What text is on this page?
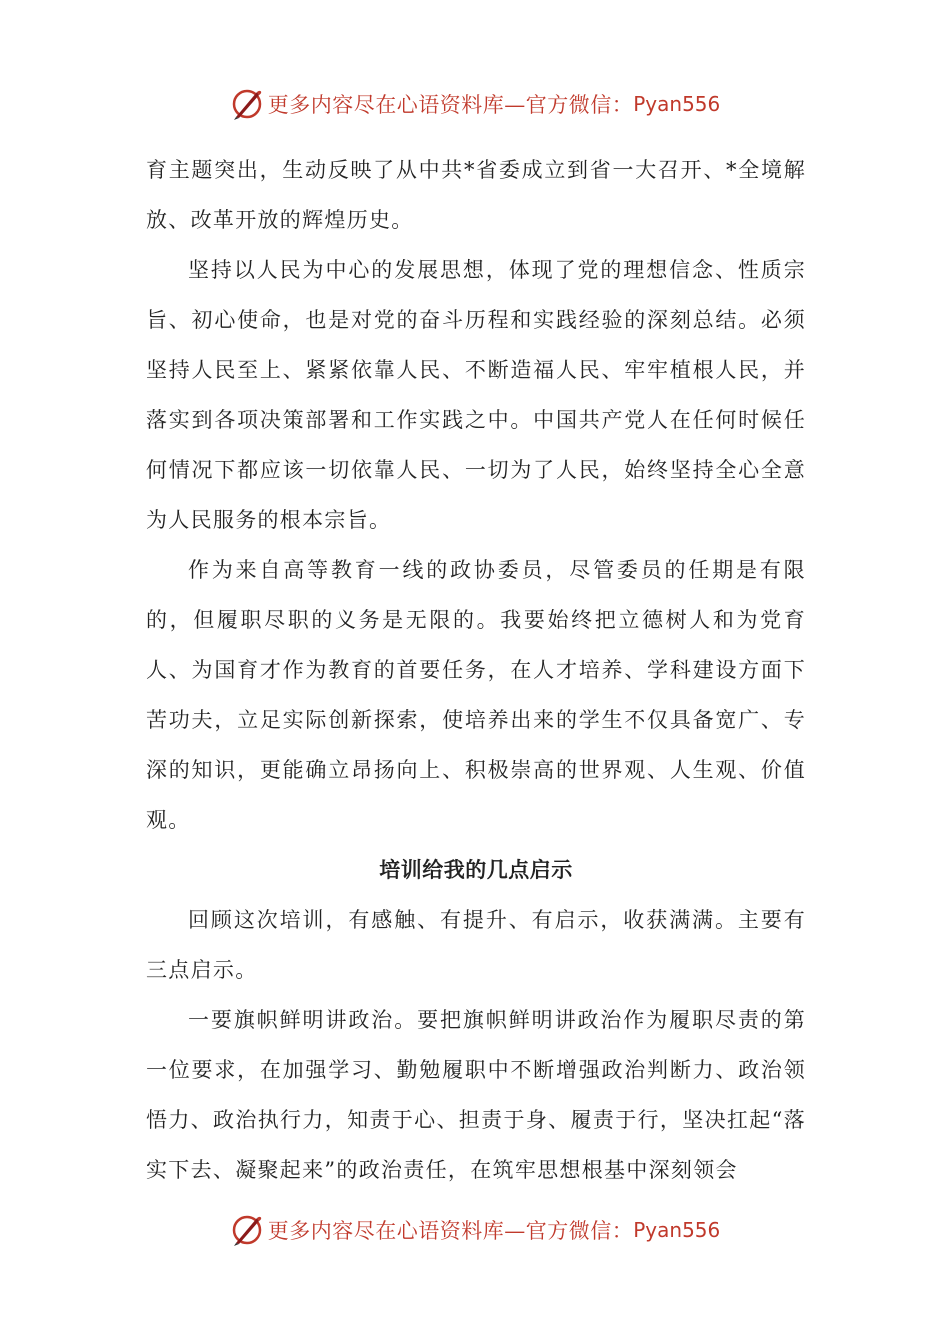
更多内容尽在心语资料库—官方微信： Pyan556

育主题突出，生动反映了从中共*省委成立到省一大召开、*全境解放、改革开放的辉煌历史。

坚持以人民为中心的发展思想，体现了党的理想信念、性质宗旨、初心使命，也是对党的奋斗历程和实践经验的深刻总结。必须坚持人民至上、紧紧依靠人民、不断造福人民、牢牢植根人民，并落实到各项决策部署和工作实践之中。中国共产党人在任何时候任何情况下都应该一切依靠人民、一切为了人民，始终坚持全心全意为人民服务的根本宗旨。

作为来自高等教育一线的政协委员，尽管委员的任期是有限的，但履职尽职的义务是无限的。我要始终把立德树人和为党育人、为国育才作为教育的首要任务，在人才培养、学科建设方面下苦功夫，立足实际创新探索，使培养出来的学生不仅具备宽广、专深的知识，更能确立昂扬向上、积极崇高的世界观、人生观、价值观。

培训给我的几点启示

回顾这次培训，有感触、有提升、有启示，收获满满。主要有三点启示。

一要旗帜鲜明讲政治。要把旗帜鲜明讲政治作为履职尽责的第一位要求，在加强学习、勤勉履职中不断增强政治判断力、政治领悟力、政治执行力，知责于心、担责于身、履责于行，坚决扛起“落实下去、凝聚起来”的政治责任，在筑牢思想根基中深刻领会

更多内容尽在心语资料库—官方微信： Pyan556
